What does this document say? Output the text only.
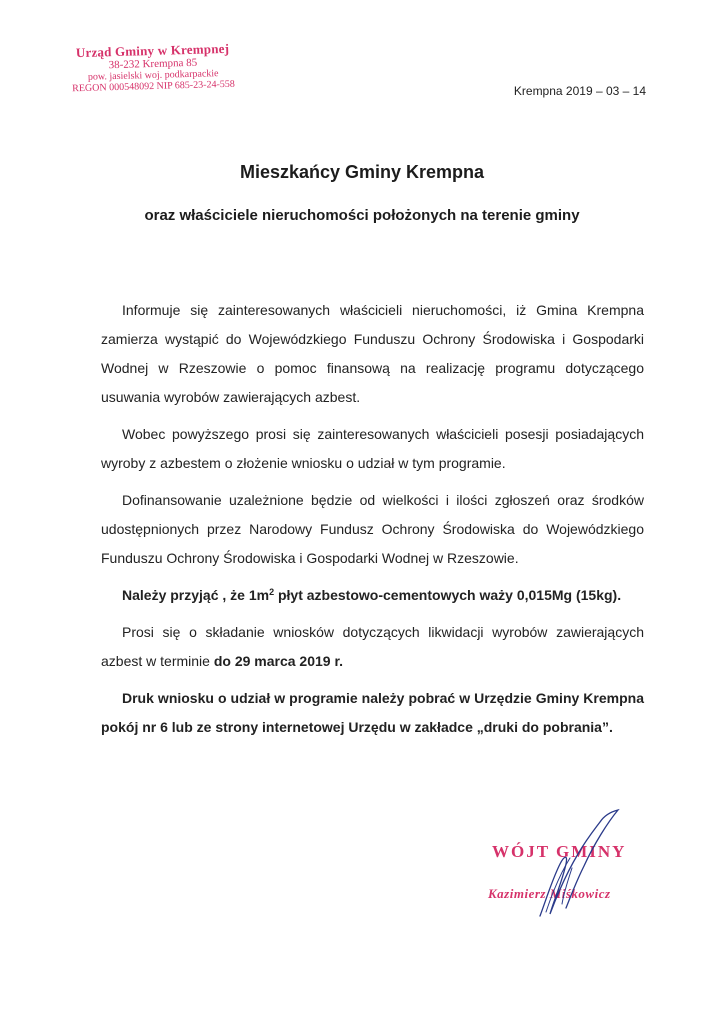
Urząd Gminy w Krempnej
38-232 Krempna 85
pow. jasielski woj. podkarpackie
REGON 000548092 NIP 685-23-24-558	Krempna 2019 – 03 – 14
Mieszkańcy Gminy Krempna
oraz właściciele nieruchomości położonych na terenie gminy

Informuje się zainteresowanych właścicieli nieruchomości, iż Gmina Krempna zamierza wystąpić do Wojewódzkiego Funduszu Ochrony Środowiska i Gospodarki Wodnej w Rzeszowie o pomoc finansową na realizację programu dotyczącego usuwania wyrobów zawierających azbest.

Wobec powyższego prosi się zainteresowanych właścicieli posesji posiadających wyroby z azbestem o złożenie wniosku o udział w tym programie.

Dofinansowanie uzależnione będzie od wielkości i ilości zgłoszeń oraz środków udostępnionych przez Narodowy Fundusz Ochrony Środowiska do Wojewódzkiego Funduszu Ochrony Środowiska i Gospodarki Wodnej w Rzeszowie.

Należy przyjąć , że $1m^2$ płyt azbestowo-cementowych waży 0,015Mg (15kg).

Prosi się o składanie wniosków dotyczących likwidacji wyrobów zawierających azbest w terminie do 29 marca 2019 r.

Druk wniosku o udział w programie należy pobrać w Urzędzie Gminy Krempna pokój nr 6 lub ze strony internetowej Urzędu w zakładce „druki do pobrania”.

WÓJT GMINY
Kazimierz Miśkowicz
